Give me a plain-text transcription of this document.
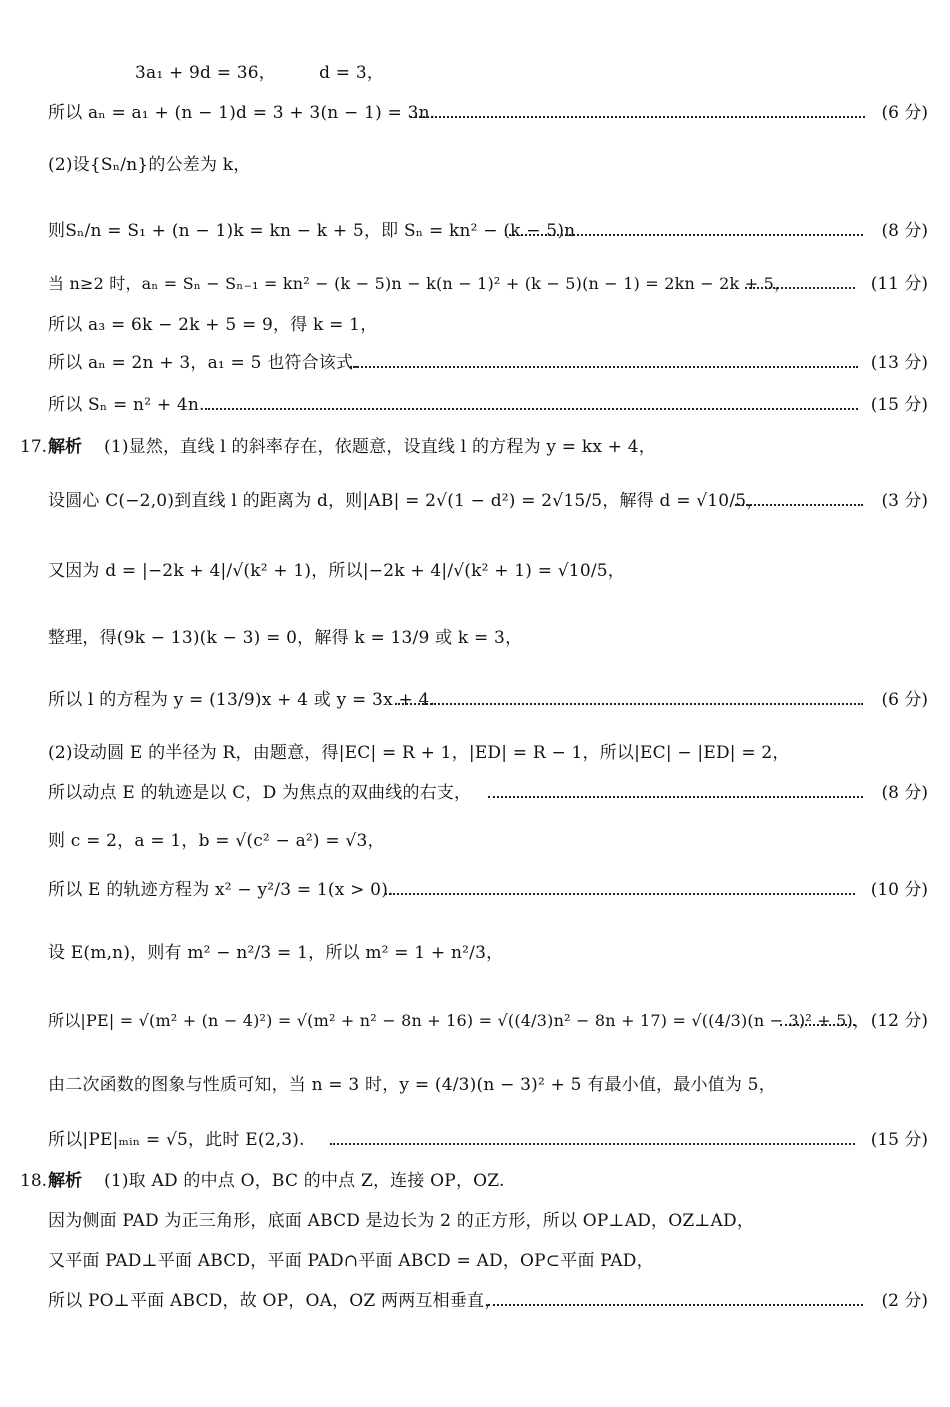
3a₁ + 9d = 36，　　　d = 3，
所以 aₙ = a₁ + (n − 1)d = 3 + 3(n − 1) = 3n.	(6 分)
(2)设{Sₙ/n}的公差为 k，
则Sₙ/n = S₁ + (n − 1)k = kn − k + 5，即 Sₙ = kn² − (k − 5)n.	(8 分)
当 n≥2 时，aₙ = Sₙ − Sₙ₋₁ = kn² − (k − 5)n − k(n − 1)² + (k − 5)(n − 1) = 2kn − 2k + 5，	(11 分)
所以 a₃ = 6k − 2k + 5 = 9，得 k = 1，
所以 aₙ = 2n + 3，a₁ = 5 也符合该式.	(13 分)
所以 Sₙ = n² + 4n.	(15 分)
17. 解析 (1)显然，直线 l 的斜率存在，依题意，设直线 l 的方程为 y = kx + 4，
设圆心 C(−2,0)到直线 l 的距离为 d，则|AB| = 2√(1 − d²) = 2√15/5，解得 d = √10/5，	(3 分)
又因为 d = |−2k + 4|/√(k² + 1)，所以|−2k + 4|/√(k² + 1) = √10/5，
整理，得(9k − 13)(k − 3) = 0，解得 k = 13/9 或 k = 3，
所以 l 的方程为 y = (13/9)x + 4 或 y = 3x + 4.	(6 分)
(2)设动圆 E 的半径为 R，由题意，得|EC| = R + 1，|ED| = R − 1，所以|EC| − |ED| = 2，
所以动点 E 的轨迹是以 C，D 为焦点的双曲线的右支，	(8 分)
则 c = 2，a = 1，b = √(c² − a²) = √3，
所以 E 的轨迹方程为 x² − y²/3 = 1(x > 0).	(10 分)
设 E(m,n)，则有 m² − n²/3 = 1，所以 m² = 1 + n²/3，
所以|PE| = √(m² + (n − 4)²) = √(m² + n² − 8n + 16) = √((4/3)n² − 8n + 17) = √((4/3)(n − 3)² + 5)， (12 分)
由二次函数的图象与性质可知，当 n = 3 时，y = (4/3)(n − 3)² + 5 有最小值，最小值为 5，
所以|PE|ₘᵢₙ = √5，此时 E(2,3).	(15 分)
18. 解析 (1)取 AD 的中点 O，BC 的中点 Z，连接 OP，OZ.
因为侧面 PAD 为正三角形，底面 ABCD 是边长为 2 的正方形，所以 OP⊥AD，OZ⊥AD，
又平面 PAD⊥平面 ABCD，平面 PAD∩平面 ABCD = AD，OP⊂平面 PAD，
所以 PO⊥平面 ABCD，故 OP，OA，OZ 两两互相垂直，	(2 分)
